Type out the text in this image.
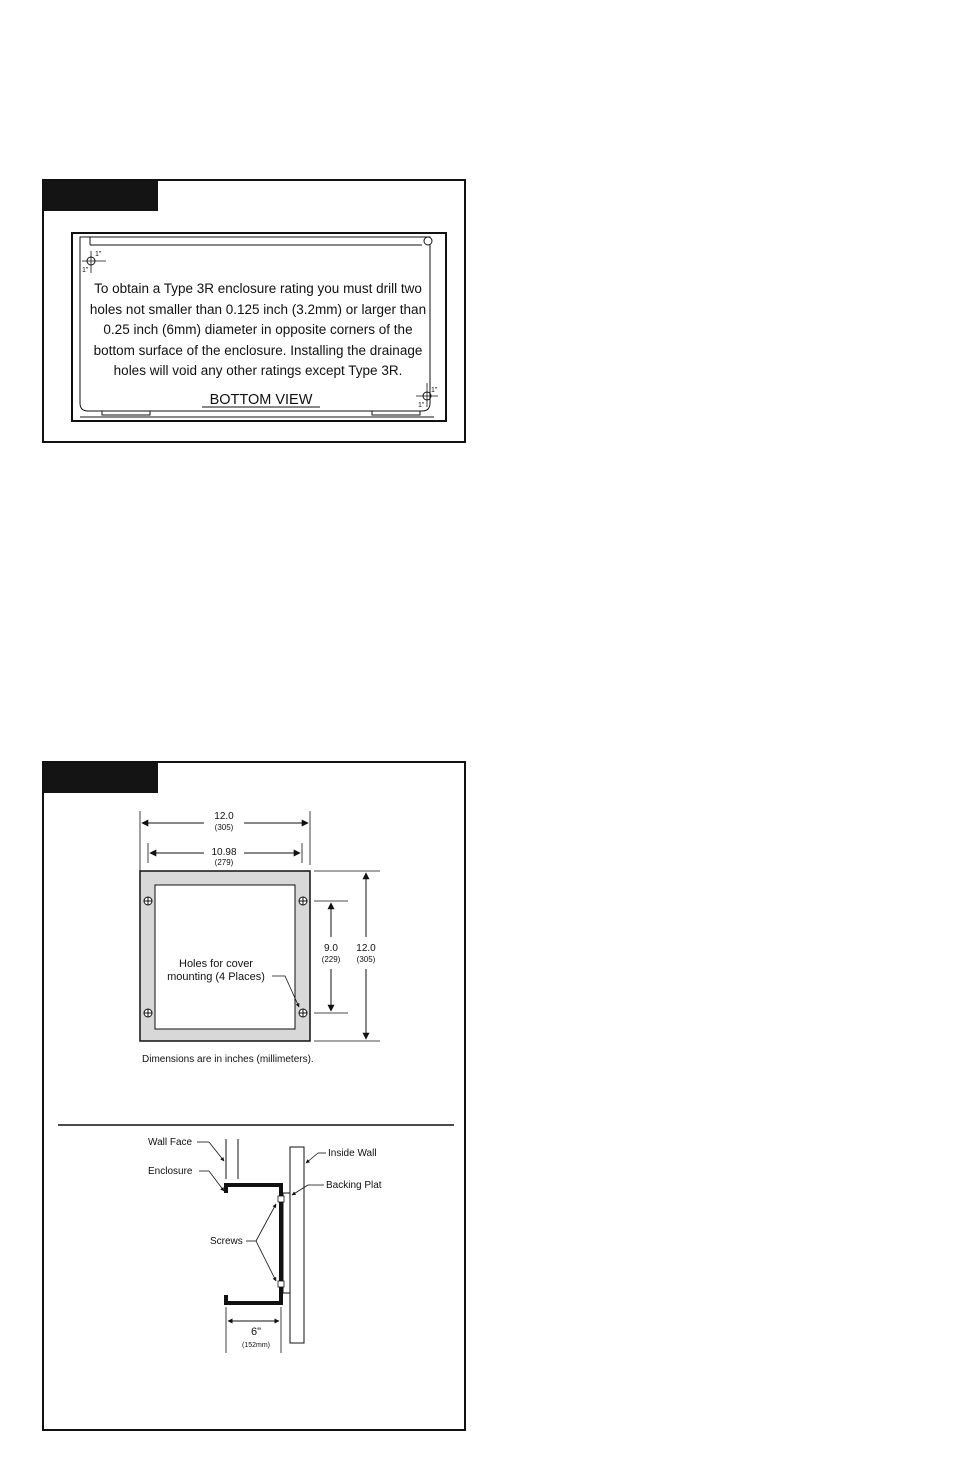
1"
1"
1"
1"
To obtain a Type 3R enclosure rating you must drill two
holes not smaller than 0.125 inch (3.2mm) or larger than
0.25 inch (6mm) diameter in opposite corners of the
bottom surface of the enclosure. Installing the drainage
holes will void any other ratings except Type 3R.
BOTTOM VIEW
12.0
(305)
10.98
(279)
Holes for cover
mounting (4 Places)
9.0
(229)
12.0
(305)
Dimensions are in inches (millimeters).
Wall Face
Enclosure
Inside Wall
Backing Plat
Screws
6"
(152mm)
